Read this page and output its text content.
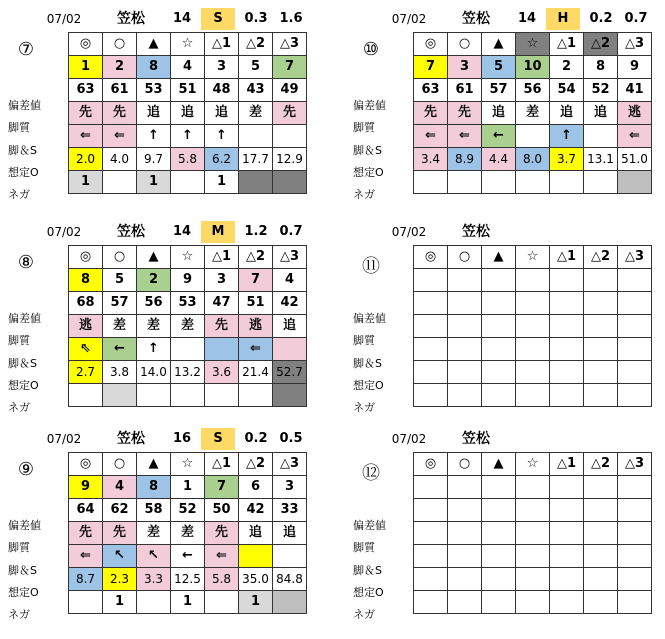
07/02	笠松	14	S	0.3 1.6
⑦
偏差値
脚質
脚＆S
想定O
ネガ
◎	○	▲	☆	△1	△2	△3
1	2	8	4	3	5	7
63	61	53	51	48	43	49
先	先	追	追	追	差	先
⇐	⇐	↑	↑	↑		
2.0	4.0	9.7	5.8	6.2	17.7	12.9
1		1		1		
07/02	笠松	14	H	0.2 0.7
⑩
偏差値
脚質
脚＆S
想定O
ネガ
◎	○	▲	☆	△1	△2	△3
7	3	5	10	2	8	9
63	61	57	56	54	52	41
先	先	追	差	追	追	逃
⇐	⇐	←		↑		⇐
3.4	8.9	4.4	8.0	3.7	13.1	51.0

07/02	笠松	14	M	1.2 0.7
⑧
偏差値
脚質
脚＆S
想定O
ネガ
◎	○	▲	☆	△1	△2	△3
8	5	2	9	3	7	4
68	57	56	53	47	51	42
逃	差	差	差	先	逃	追
⇖	←	↑			⇐	
2.7	3.8	14.0	13.2	3.6	21.4	52.7

07/02	笠松
⑪
偏差値
脚質
脚＆S
想定O
ネガ
◎	○	▲	☆	△1	△2	△3

07/02	笠松	16	S	0.2 0.5
⑨
偏差値
脚質
脚＆S
想定O
ネガ
◎	○	▲	☆	△1	△2	△3
9	4	8	1	7	6	3
64	62	58	52	50	42	33
先	先	差	差	先	追	追
⇐	↖	↖	←	⇐		
8.7	2.3	3.3	12.5	5.8	35.0	84.8
	1		1		1	
07/02	笠松
⑫
偏差値
脚質
脚＆S
想定O
ネガ
◎	○	▲	☆	△1	△2	△3
